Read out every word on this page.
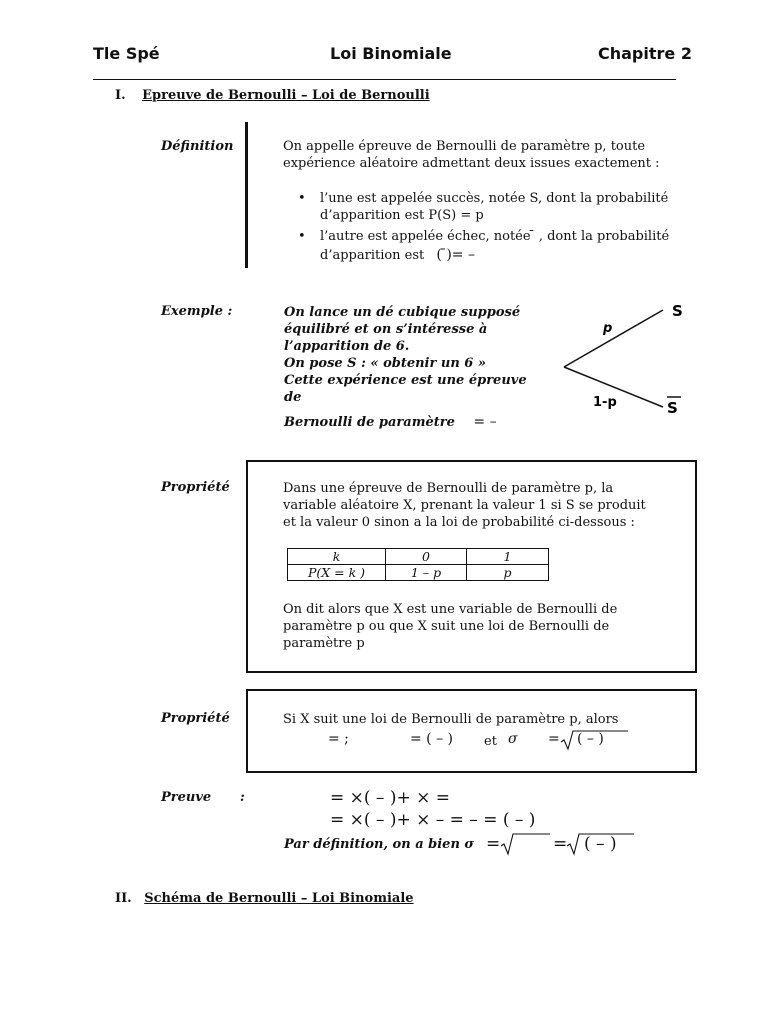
Tle Spé	Loi Binomiale	Chapitre 2
I. Epreuve de Bernoulli – Loi de Bernoulli
Définition	On appelle épreuve de Bernoulli de paramètre p, toute
expérience aléatoire admettant deux issues exactement :
• l’une est appelée succès, notée S, dont la probabilité
d’apparition est P(S) = p
• l’autre est appelée échec, notée ̄ , dont la probabilité
d’apparition est ( ̄)= –
Exemple :	On lance un dé cubique supposé
équilibré et on s’intéresse à
l’apparition de 6.
On pose S : « obtenir un 6 »
Cette expérience est une épreuve de
Bernoulli de paramètre = –
S
S
p
1-p
Propriété	Dans une épreuve de Bernoulli de paramètre p, la
variable aléatoire X, prenant la valeur 1 si S se produit
et la valeur 0 sinon a la loi de probabilité ci-dessous :
k	0	1
P(X = k )	1 – p	p
On dit alors que X est une variable de Bernoulli de
paramètre p ou que X suit une loi de Bernoulli de
paramètre p
Propriété	Si X suit une loi de Bernoulli de paramètre p, alors
= ;	= ( – ) et σ = ( – )
Preuve :	= ×( – )+ × =
= ×( – )+ × – = – = ( – )
Par définition, on a bien σ =	= ( – )
II. Schéma de Bernoulli – Loi Binomiale
